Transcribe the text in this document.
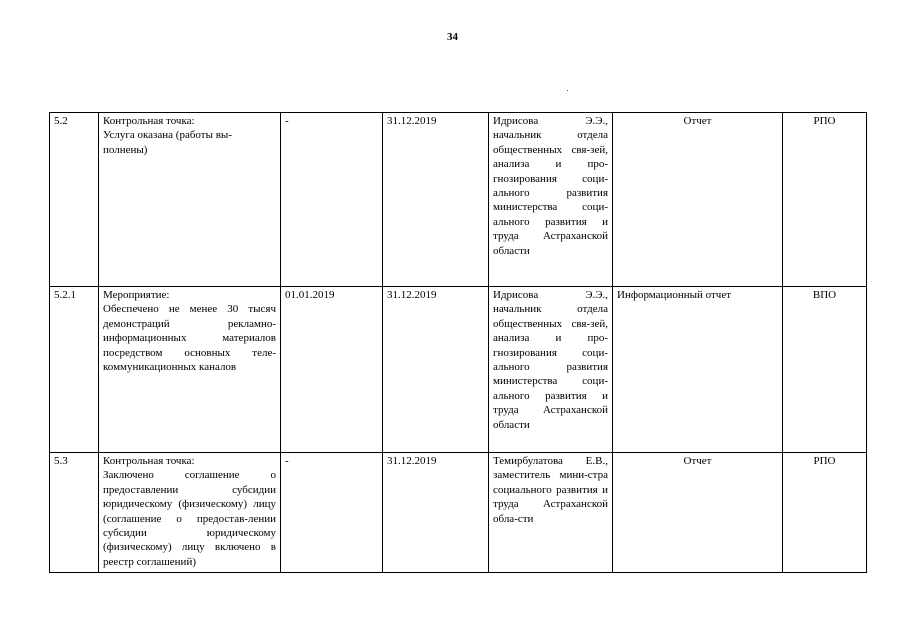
34
5.2	Контрольная точка:
Услуга оказана (работы вы-
полнены)	-	31.12.2019	Идрисова Э.Э., начальник отдела общественных свя-зей, анализа и про-гнозирования соци-ального развития министерства соци-ального развития и труда Астраханской области	Отчет	РПО
5.2.1	Мероприятие:
Обеспечено не менее 30 тысяч демонстраций рекламно-информационных материалов посредством основных теле-коммуникационных каналов	01.01.2019	31.12.2019	Идрисова Э.Э., начальник отдела общественных свя-зей, анализа и про-гнозирования соци-ального развития министерства соци-ального развития и труда Астраханской области	Информационный отчет	ВПО
5.3	Контрольная точка:
Заключено соглашение о предоставлении субсидии юридическому (физическому) лицу (соглашение о предостав-лении субсидии юридическому (физическому) лицу включено в реестр соглашений)	-	31.12.2019	Темирбулатова Е.В., заместитель мини-стра социального развития и труда Астраханской обла-сти	Отчет	РПО
